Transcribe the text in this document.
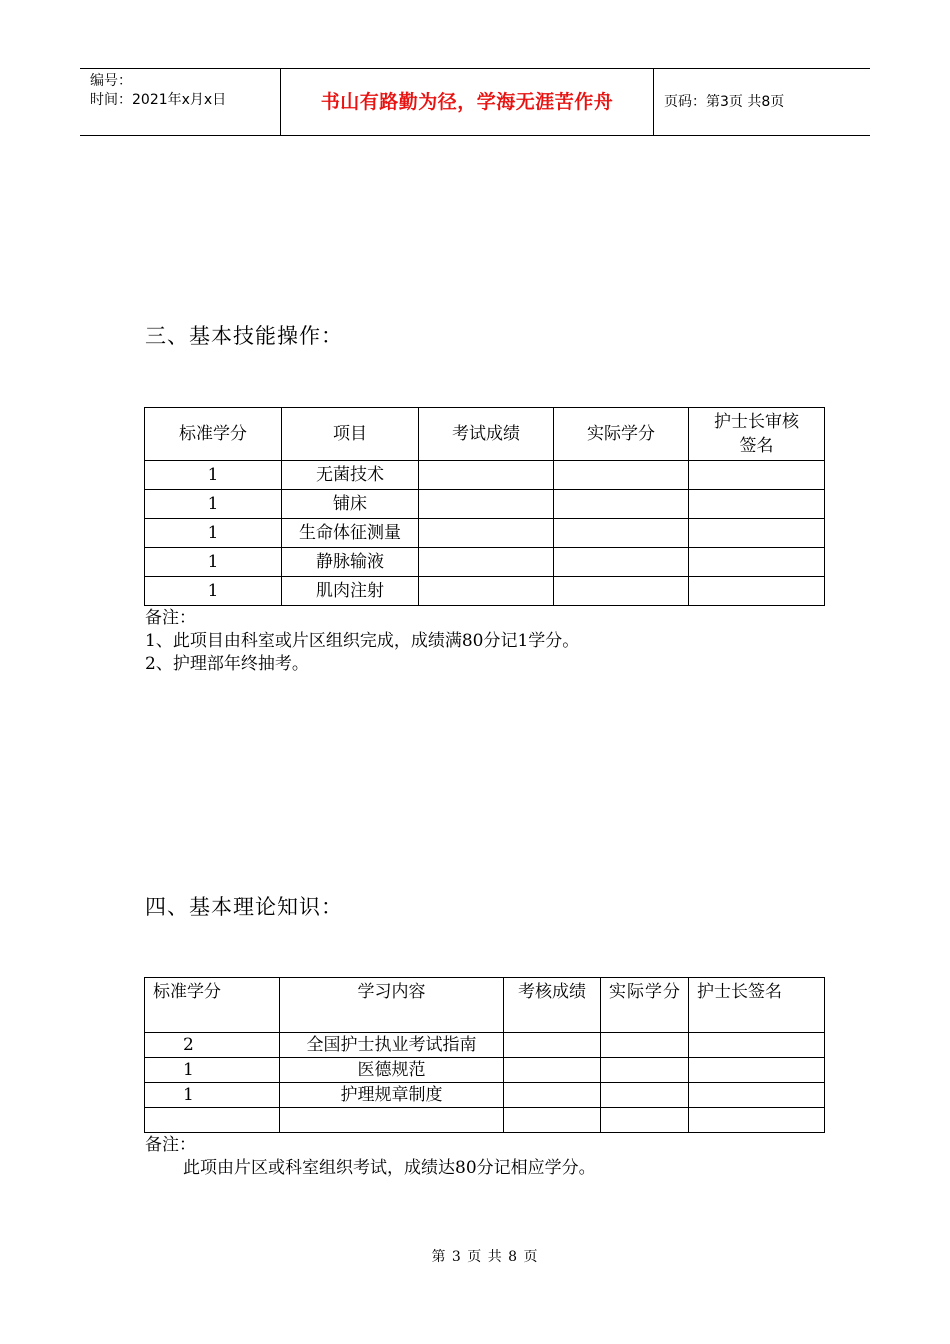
编号：
时间：2021年x月x日	书山有路勤为径，学海无涯苦作舟	页码：第3页 共8页
三、基本技能操作：
标准学分	项目	考试成绩	实际学分	护士长审核签名

1	无菌技术			
1	铺床			
1	生命体征测量			
1	静脉输液			
1	肌肉注射			
备注：
1、此项目由科室或片区组织完成，成绩满80分记1学分。
2、护理部年终抽考。
四、基本理论知识：
标准学分	学习内容	考核成绩	实际学分	护士长签名
2	全国护士执业考试指南			
1	医德规范			
1	护理规章制度			

备注：
此项由片区或科室组织考试，成绩达80分记相应学分。
第 3 页 共 8 页
